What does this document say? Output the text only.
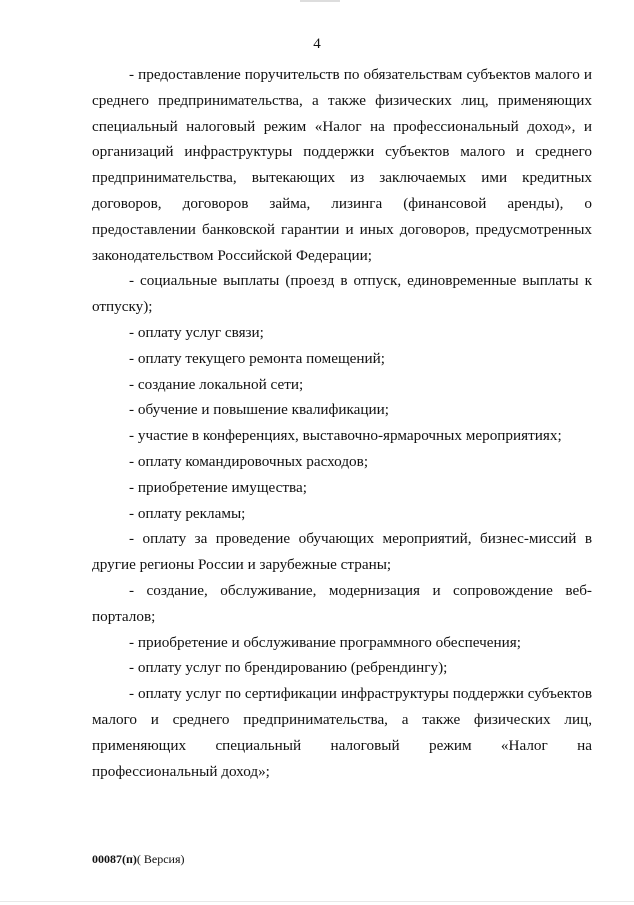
4

- предоставление поручительств по обязательствам субъектов малого и среднего предпринимательства, а также физических лиц, применяющих специальный налоговый режим «Налог на профессиональный доход», и организаций инфраструктуры поддержки субъектов малого и среднего предпринимательства, вытекающих из заключаемых ими кредитных договоров, договоров займа, лизинга (финансовой аренды), о предоставлении банковской гарантии и иных договоров, предусмотренных законодательством Российской Федерации;

- социальные выплаты (проезд в отпуск, единовременные выплаты к отпуску);

- оплату услуг связи;

- оплату текущего ремонта помещений;

- создание локальной сети;

- обучение и повышение квалификации;

- участие в конференциях, выставочно-ярмарочных мероприятиях;

- оплату командировочных расходов;

- приобретение имущества;

- оплату рекламы;

- оплату за проведение обучающих мероприятий, бизнес-миссий в другие регионы России и зарубежные страны;

- создание, обслуживание, модернизация и сопровождение веб-порталов;

- приобретение и обслуживание программного обеспечения;

- оплату услуг по брендированию (ребрендингу);

- оплату услуг по сертификации инфраструктуры поддержки субъектов малого и среднего предпринимательства, а также физических лиц, применяющих специальный налоговый режим «Налог на профессиональный доход»;

00087(п)( Версия)
